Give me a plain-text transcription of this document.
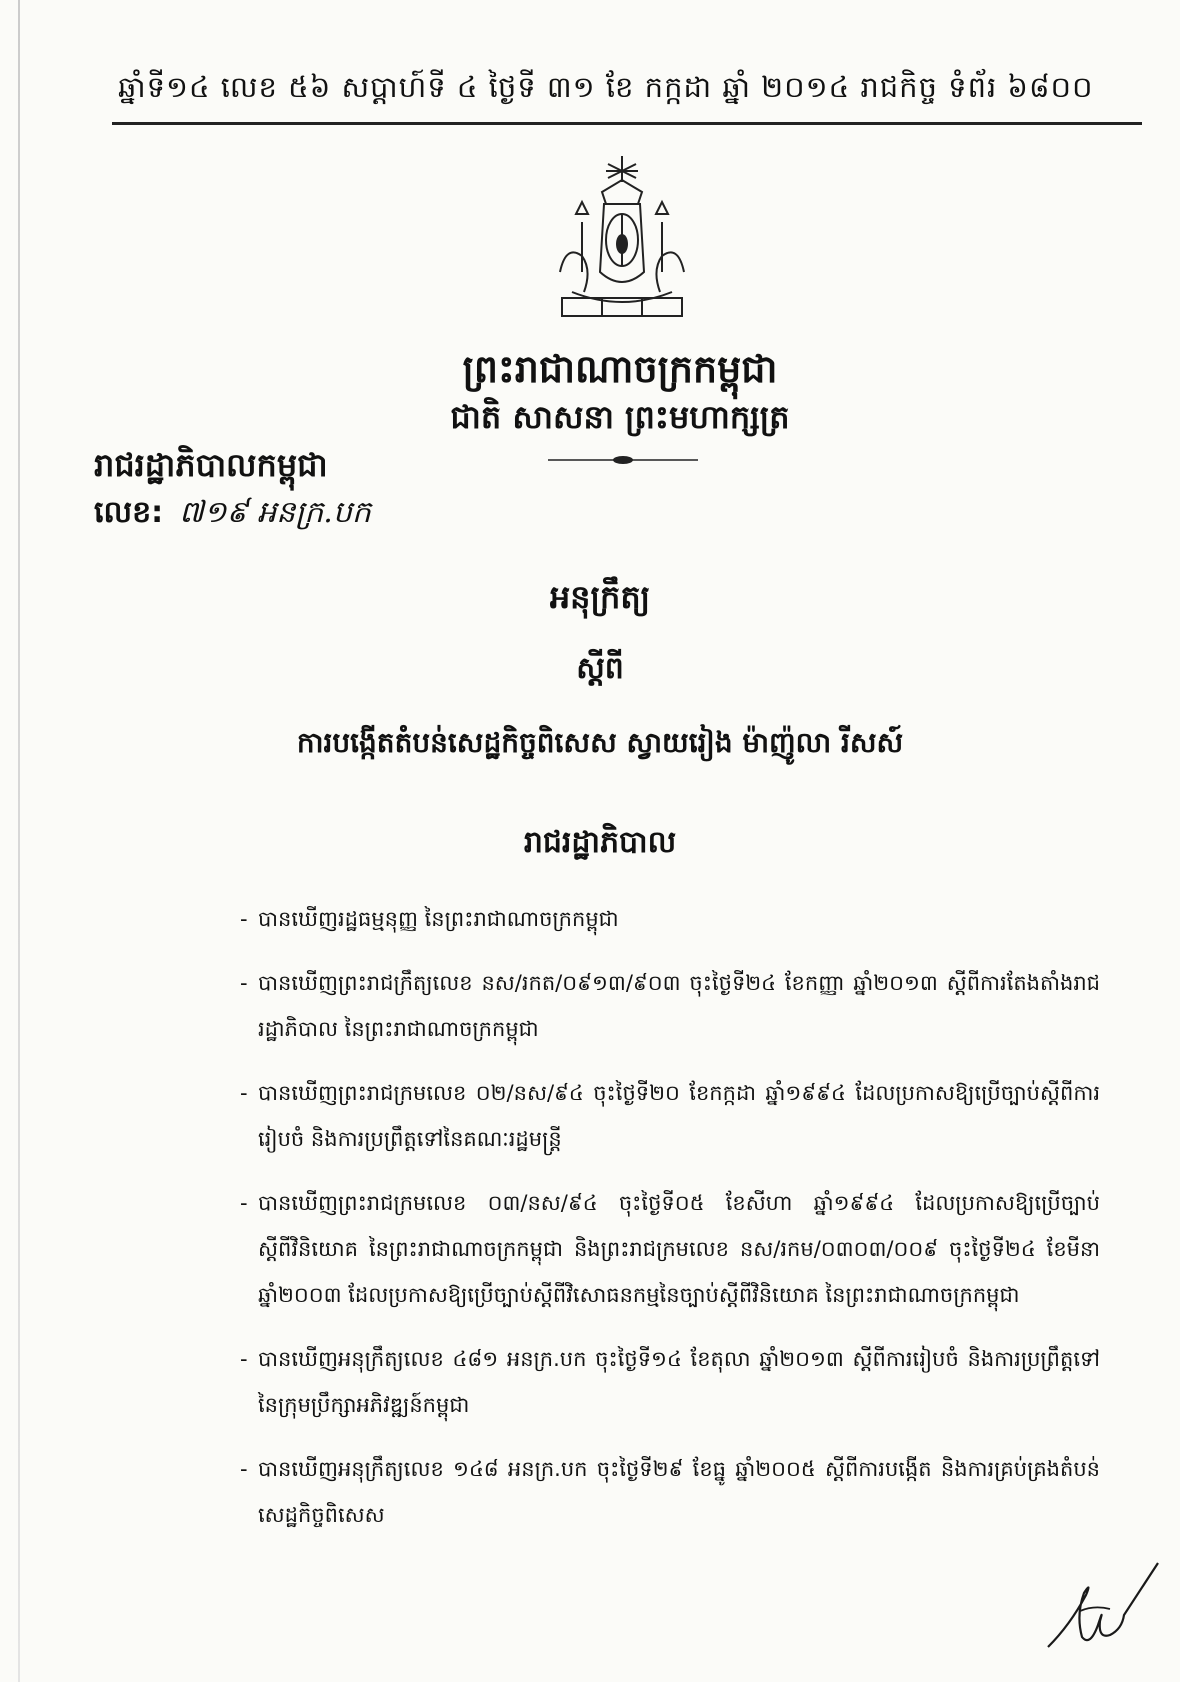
ឆ្នាំទី១៤ លេខ ៥៦ សប្តាហ៍ទី ៤ ថ្ងៃទី ៣១ ខែ កក្កដា ឆ្នាំ ២០១៤ រាជកិច្ច ទំព័រ ៦៨០០
ព្រះរាជាណាចក្រកម្ពុជា
ជាតិ សាសនា ព្រះមហាក្សត្រ
រាជរដ្ឋាភិបាលកម្ពុជា
លេខ: ៧១៩ អនក្រ.បក
អនុក្រឹត្យ
ស្តីពី
ការបង្កើតតំបន់សេដ្ឋកិច្ចពិសេស ស្វាយរៀង ម៉ាញ៉ូលា រីសស៍
រាជរដ្ឋាភិបាល
- បានឃើញរដ្ឋធម្មនុញ្ញ នៃព្រះរាជាណាចក្រកម្ពុជា
- បានឃើញព្រះរាជក្រឹត្យលេខ នស/រកត/០៩១៣/៩០៣ ចុះថ្ងៃទី២៤ ខែកញ្ញា ឆ្នាំ២០១៣ ស្តីពីការតែងតាំងរាជរដ្ឋាភិបាល នៃព្រះរាជាណាចក្រកម្ពុជា
- បានឃើញព្រះរាជក្រមលេខ ០២/នស/៩៤ ចុះថ្ងៃទី២០ ខែកក្កដា ឆ្នាំ១៩៩៤ ដែលប្រកាសឱ្យប្រើច្បាប់ស្តីពីការរៀបចំ និងការប្រព្រឹត្តទៅនៃគណៈរដ្ឋមន្ត្រី
- បានឃើញព្រះរាជក្រមលេខ ០៣/នស/៩៤ ចុះថ្ងៃទី០៥ ខែសីហា ឆ្នាំ១៩៩៤ ដែលប្រកាសឱ្យប្រើច្បាប់ស្តីពីវិនិយោគ នៃព្រះរាជាណាចក្រកម្ពុជា និងព្រះរាជក្រមលេខ នស/រកម/០៣០៣/០០៩ ចុះថ្ងៃទី២៤ ខែមីនា ឆ្នាំ២០០៣ ដែលប្រកាសឱ្យប្រើច្បាប់ស្តីពីវិសោធនកម្មនៃច្បាប់ស្តីពីវិនិយោគ នៃព្រះរាជាណាចក្រកម្ពុជា
- បានឃើញអនុក្រឹត្យលេខ ៤៨១ អនក្រ.បក ចុះថ្ងៃទី១៤ ខែតុលា ឆ្នាំ២០១៣ ស្តីពីការរៀបចំ និងការប្រព្រឹត្តទៅនៃក្រុមប្រឹក្សាអភិវឌ្ឍន៍កម្ពុជា
- បានឃើញអនុក្រឹត្យលេខ ១៤៨ អនក្រ.បក ចុះថ្ងៃទី២៩ ខែធ្នូ ឆ្នាំ២០០៥ ស្តីពីការបង្កើត និងការគ្រប់គ្រងតំបន់សេដ្ឋកិច្ចពិសេស
